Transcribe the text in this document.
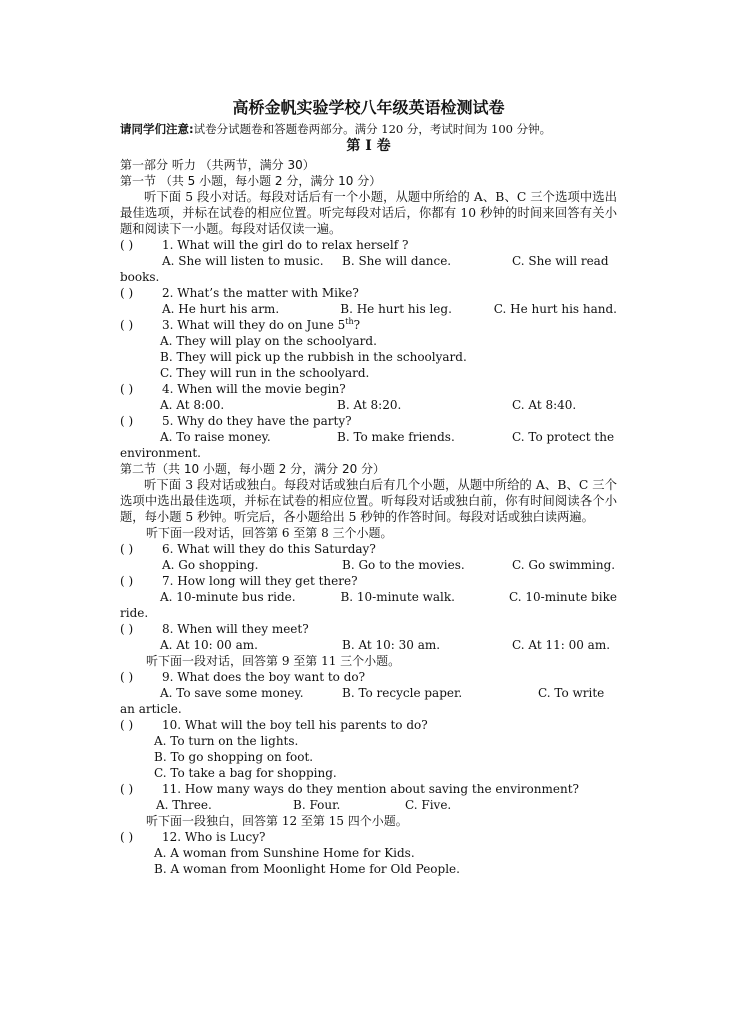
高桥金帆实验学校八年级英语检测试卷
请同学们注意:试卷分试题卷和答题卷两部分。满分 120 分，考试时间为 100 分钟。
第 I 卷
第一部分 听力 （共两节，满分 30）
第一节 （共 5 小题，每小题 2 分，满分 10 分）
听下面 5 段小对话。每段对话后有一个小题，从题中所给的 A、B、C 三个选项中选出最佳选项，并标在试卷的相应位置。听完每段对话后，你都有 10 秒钟的时间来回答有关小题和阅读下一小题。每段对话仅读一遍。
( )	1. What will the girl do to relax herself ?
A. She will listen to music.	B. She will dance.	C. She will read
books.
( )	2. What’s the matter with Mike?
A. He hurt his arm.	B. He hurt his leg.	C. He hurt his hand.
( )	3. What will they do on June 5th?
A. They will play on the schoolyard.
B. They will pick up the rubbish in the schoolyard.
C. They will run in the schoolyard.
( )	4. When will the movie begin?
A. At 8:00.	B. At 8:20.	C. At 8:40.
( )	5. Why do they have the party?
A. To raise money.	B. To make friends.	C. To protect the
environment.
第二节（共 10 小题，每小题 2 分，满分 20 分）
听下面 3 段对话或独白。每段对话或独白后有几个小题，从题中所给的 A、B、C 三个选项中选出最佳选项，并标在试卷的相应位置。听每段对话或独白前，你有时间阅读各个小题，每小题 5 秒钟。听完后，各小题给出 5 秒钟的作答时间。每段对话或独白读两遍。
听下面一段对话，回答第 6 至第 8 三个小题。
( )	6. What will they do this Saturday?
A. Go shopping.	B. Go to the movies.	C. Go swimming.
( )	7. How long will they get there?
A. 10-minute bus ride.	B. 10-minute walk.	C. 10-minute bike
ride.
( )	8. When will they meet?
A. At 10: 00 am.	B. At 10: 30 am.	C. At 11: 00 am.
听下面一段对话，回答第 9 至第 11 三个小题。
( )	9. What does the boy want to do?
A. To save some money.	B. To recycle paper.	C. To write
an article.
( )	10. What will the boy tell his parents to do?
A. To turn on the lights.
B. To go shopping on foot.
C. To take a bag for shopping.
( )	11. How many ways do they mention about saving the environment?
A. Three.	B. Four.	C. Five.
听下面一段独白，回答第 12 至第 15 四个小题。
( )	12. Who is Lucy?
A. A woman from Sunshine Home for Kids.
B. A woman from Moonlight Home for Old People.
